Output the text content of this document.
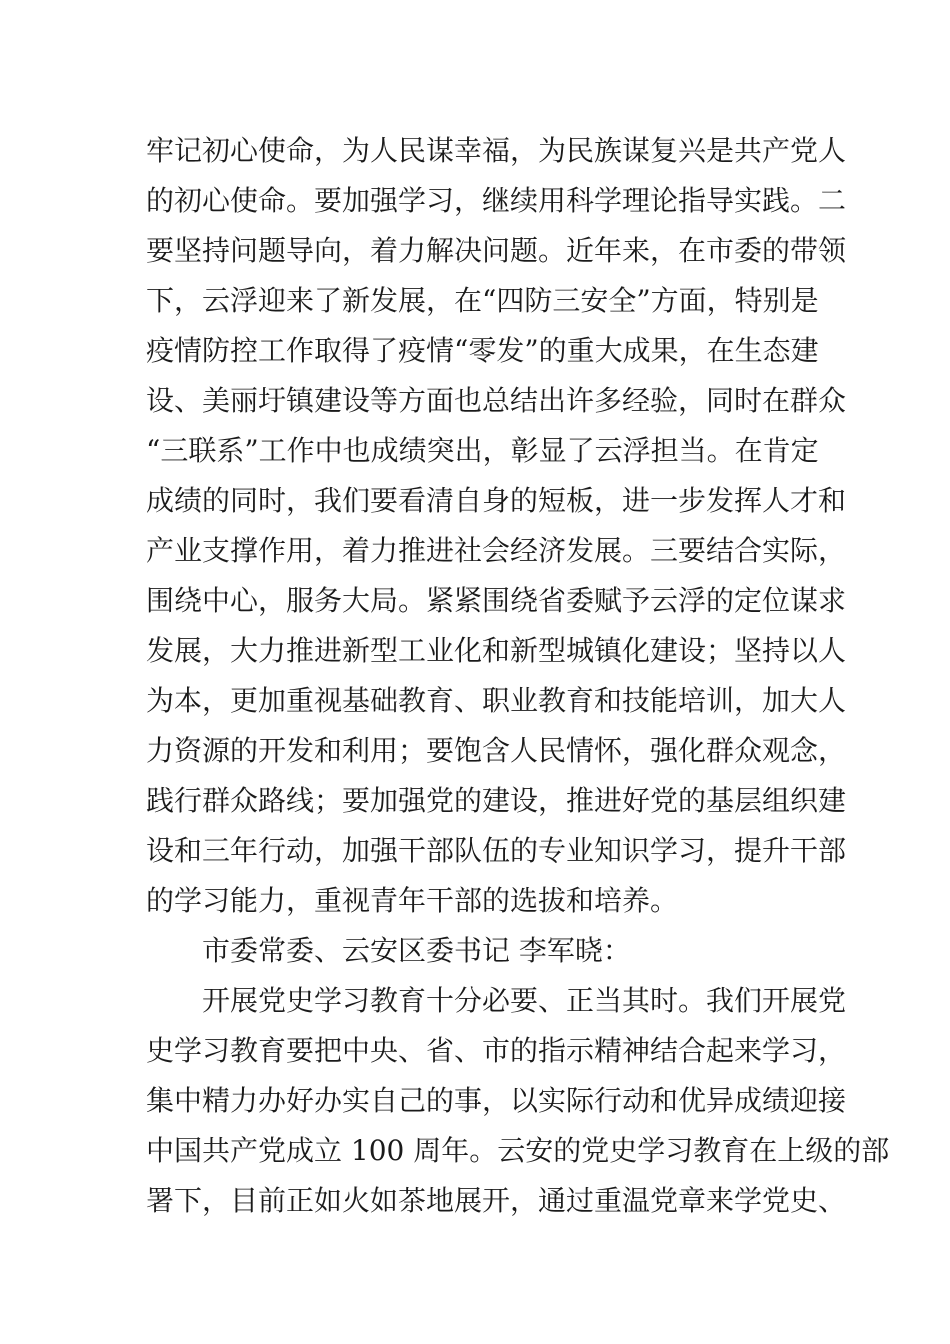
牢记初心使命，为人民谋幸福，为民族谋复兴是共产党人
的初心使命。要加强学习，继续用科学理论指导实践。二
要坚持问题导向，着力解决问题。近年来，在市委的带领
下，云浮迎来了新发展，在“四防三安全”方面，特别是
疫情防控工作取得了疫情“零发”的重大成果，在生态建
设、美丽圩镇建设等方面也总结出许多经验，同时在群众
“三联系”工作中也成绩突出，彰显了云浮担当。在肯定
成绩的同时，我们要看清自身的短板，进一步发挥人才和
产业支撑作用，着力推进社会经济发展。三要结合实际，
围绕中心，服务大局。紧紧围绕省委赋予云浮的定位谋求
发展，大力推进新型工业化和新型城镇化建设；坚持以人
为本，更加重视基础教育、职业教育和技能培训，加大人
力资源的开发和利用；要饱含人民情怀，强化群众观念，
践行群众路线；要加强党的建设，推进好党的基层组织建
设和三年行动，加强干部队伍的专业知识学习，提升干部
的学习能力，重视青年干部的选拔和培养。
市委常委、云安区委书记 李军晓：
开展党史学习教育十分必要、正当其时。我们开展党
史学习教育要把中央、省、市的指示精神结合起来学习，
集中精力办好办实自己的事，以实际行动和优异成绩迎接
中国共产党成立 100 周年。云安的党史学习教育在上级的部
署下，目前正如火如茶地展开，通过重温党章来学党史、
